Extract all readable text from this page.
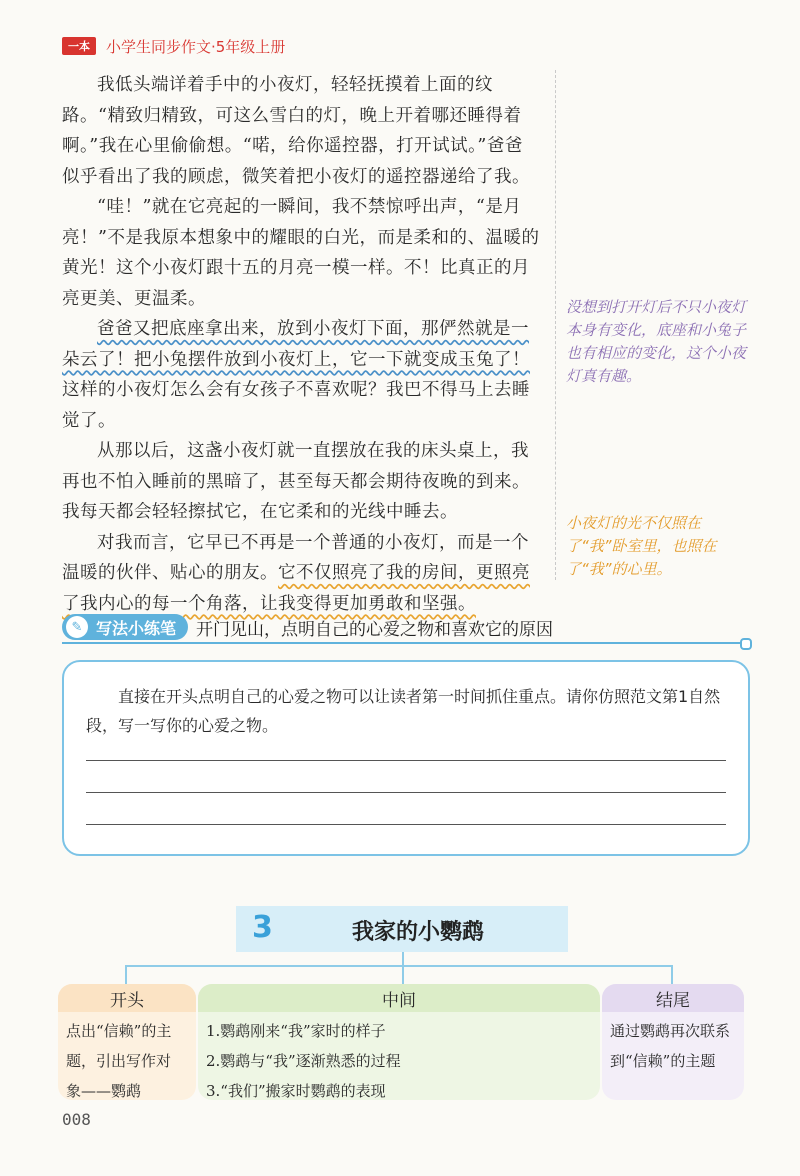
一本	小学生同步作文·5年级上册

我低头端详着手中的小夜灯，轻轻抚摸着上面的纹路。“精致归精致，可这么雪白的灯，晚上开着哪还睡得着啊。”我在心里偷偷想。“喏，给你遥控器，打开试试。”爸爸似乎看出了我的顾虑，微笑着把小夜灯的遥控器递给了我。

“哇！”就在它亮起的一瞬间，我不禁惊呼出声，“是月亮！”不是我原本想象中的耀眼的白光，而是柔和的、温暖的黄光！这个小夜灯跟十五的月亮一模一样。不！比真正的月亮更美、更温柔。

爸爸又把底座拿出来，放到小夜灯下面，那俨然就是一朵云了！把小兔摆件放到小夜灯上，它一下就变成玉兔了！这样的小夜灯怎么会有女孩子不喜欢呢？我巴不得马上去睡觉了。

从那以后，这盏小夜灯就一直摆放在我的床头桌上，我再也不怕入睡前的黑暗了，甚至每天都会期待夜晚的到来。我每天都会轻轻擦拭它，在它柔和的光线中睡去。

对我而言，它早已不再是一个普通的小夜灯，而是一个温暖的伙伴、贴心的朋友。它不仅照亮了我的房间，更照亮了我内心的每一个角落，让我变得更加勇敢和坚强。

没想到打开灯后不只小夜灯本身有变化，底座和小兔子也有相应的变化，这个小夜灯真有趣。
小夜灯的光不仅照在了“我”卧室里，也照在了“我”的心里。
✎ 写法小练笔 开门见山，点明自己的心爱之物和喜欢它的原因

直接在开头点明自己的心爱之物可以让读者第一时间抓住重点。请你仿照范文第1自然段，写一写你的心爱之物。

3	我家的小鹦鹉
开头
点出“信赖”的主
题，引出写作对
象——鹦鹉
中间
1.鹦鹉刚来“我”家时的样子
2.鹦鹉与“我”逐渐熟悉的过程
3.“我们”搬家时鹦鹉的表现
结尾
通过鹦鹉再次联系
到“信赖”的主题
008
